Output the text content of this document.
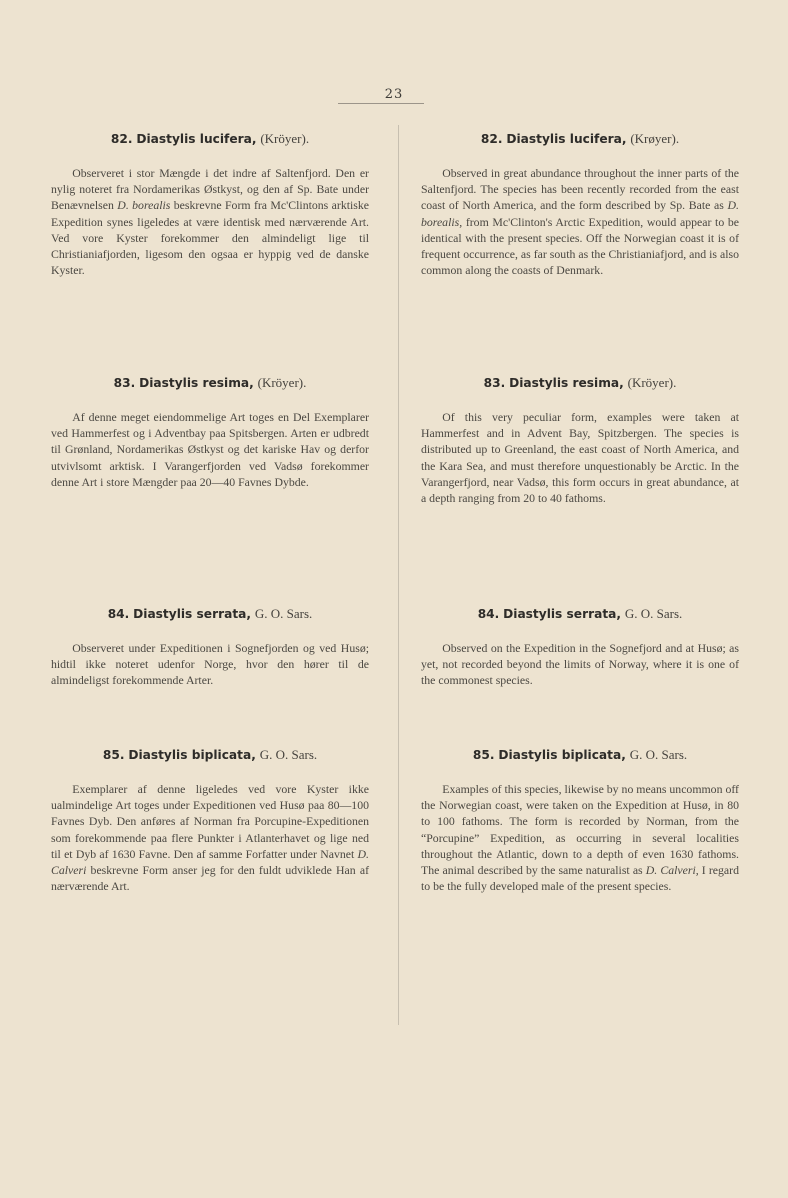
23
82. Diastylis lucifera, (Kröyer).

Observeret i stor Mængde i det indre af Saltenfjord. Den er nylig noteret fra Nordamerikas Østkyst, og den af Sp. Bate under Benævnelsen D. borealis beskrevne Form fra Mc'Clintons arktiske Expedition synes ligeledes at være identisk med nærværende Art. Ved vore Kyster forekommer den almindeligt lige til Christianiafjorden, ligesom den ogsaa er hyppig ved de danske Kyster.

83. Diastylis resima, (Kröyer).

Af denne meget eiendommelige Art toges en Del Exemplarer ved Hammerfest og i Adventbay paa Spitsbergen. Arten er udbredt til Grønland, Nordamerikas Østkyst og det kariske Hav og derfor utvivlsomt arktisk. I Varangerfjorden ved Vadsø forekommer denne Art i store Mængder paa 20—40 Favnes Dybde.

84. Diastylis serrata, G. O. Sars.

Observeret under Expeditionen i Sognefjorden og ved Husø; hidtil ikke noteret udenfor Norge, hvor den hører til de almindeligst forekommende Arter.

85. Diastylis biplicata, G. O. Sars.

Exemplarer af denne ligeledes ved vore Kyster ikke ualmindelige Art toges under Expeditionen ved Husø paa 80—100 Favnes Dyb. Den anføres af Norman fra Porcupine-Expeditionen som forekommende paa flere Punkter i Atlanterhavet og lige ned til et Dyb af 1630 Favne. Den af samme Forfatter under Navnet D. Calveri beskrevne Form anser jeg for den fuldt udviklede Han af nærværende Art.

82. Diastylis lucifera, (Krøyer).

Observed in great abundance throughout the inner parts of the Saltenfjord. The species has been recently recorded from the east coast of North America, and the form described by Sp. Bate as D. borealis, from Mc'Clinton's Arctic Expedition, would appear to be identical with the present species. Off the Norwegian coast it is of frequent occurrence, as far south as the Christianiafjord, and is also common along the coasts of Denmark.

83. Diastylis resima, (Kröyer).

Of this very peculiar form, examples were taken at Hammerfest and in Advent Bay, Spitzbergen. The species is distributed up to Greenland, the east coast of North America, and the Kara Sea, and must therefore unquestionably be Arctic. In the Varangerfjord, near Vadsø, this form occurs in great abundance, at a depth ranging from 20 to 40 fathoms.

84. Diastylis serrata, G. O. Sars.

Observed on the Expedition in the Sognefjord and at Husø; as yet, not recorded beyond the limits of Norway, where it is one of the commonest species.

85. Diastylis biplicata, G. O. Sars.

Examples of this species, likewise by no means uncommon off the Norwegian coast, were taken on the Expedition at Husø, in 80 to 100 fathoms. The form is recorded by Norman, from the “Porcupine” Expedition, as occurring in several localities throughout the Atlantic, down to a depth of even 1630 fathoms. The animal described by the same naturalist as D. Calveri, I regard to be the fully developed male of the present species.
